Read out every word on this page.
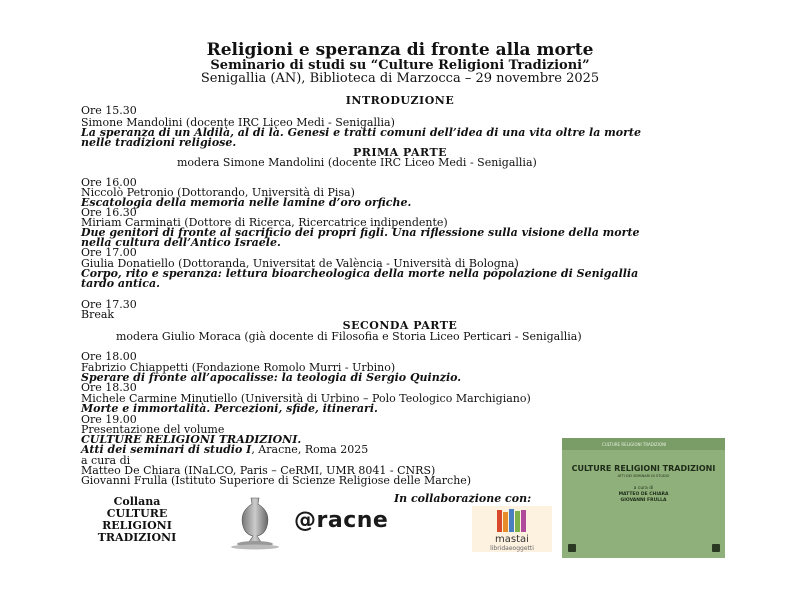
Religioni e speranza di fronte alla morte
Seminario di studi su “Culture Religioni Tradizioni”
Senigallia (AN), Biblioteca di Marzocca – 29 novembre 2025
INTRODUZIONE
Ore 15.30
Simone Mandolini (docente IRC Liceo Medi - Senigallia)
La speranza di un Aldilà, al di là. Genesi e tratti comuni dell’idea di una vita oltre la morte
nelle tradizioni religiose.
PRIMA PARTE
modera Simone Mandolini (docente IRC Liceo Medi - Senigallia)
Ore 16.00
Niccolò Petronio (Dottorando, Università di Pisa)
Escatologia della memoria nelle lamine d’oro orfiche.
Ore 16.30
Miriam Carminati (Dottore di Ricerca, Ricercatrice indipendente)
Due genitori di fronte al sacrificio dei propri figli. Una riflessione sulla visione della morte
nella cultura dell’Antico Israele.
Ore 17.00
Giulia Donatiello (Dottoranda, Universitat de València - Università di Bologna)
Corpo, rito e speranza: lettura bioarcheologica della morte nella popolazione di Senigallia
tardo antica.
Ore 17.30
Break
SECONDA PARTE
modera Giulio Moraca (già docente di Filosofia e Storia Liceo Perticari - Senigallia)
Ore 18.00
Fabrizio Chiappetti (Fondazione Romolo Murri - Urbino)
Sperare di fronte all’apocalisse: la teologia di Sergio Quinzio.
Ore 18.30
Michele Carmine Minutiello (Università di Urbino – Polo Teologico Marchigiano)
Morte e immortalità. Percezioni, sfide, itinerari.
Ore 19.00
Presentazione del volume
CULTURE RELIGIONI TRADIZIONI.
Atti dei seminari di studio I, Aracne, Roma 2025
a cura di
Matteo De Chiara (INaLCO, Paris – CeRMI, UMR 8041 - CNRS)
Giovanni Frulla (Istituto Superiore di Scienze Religiose delle Marche)
Collana
CULTURE
RELIGIONI
TRADIZIONI
@racne
In collaborazione con:
mastai
libridaeoggetti
CULTURE RELIGIONI TRADIZIONI
CULTURE RELIGIONI TRADIZIONI
ATTI DEI SEMINARI DI STUDIO
a cura di
MATTEO DE CHIARA
GIOVANNI FRULLA
